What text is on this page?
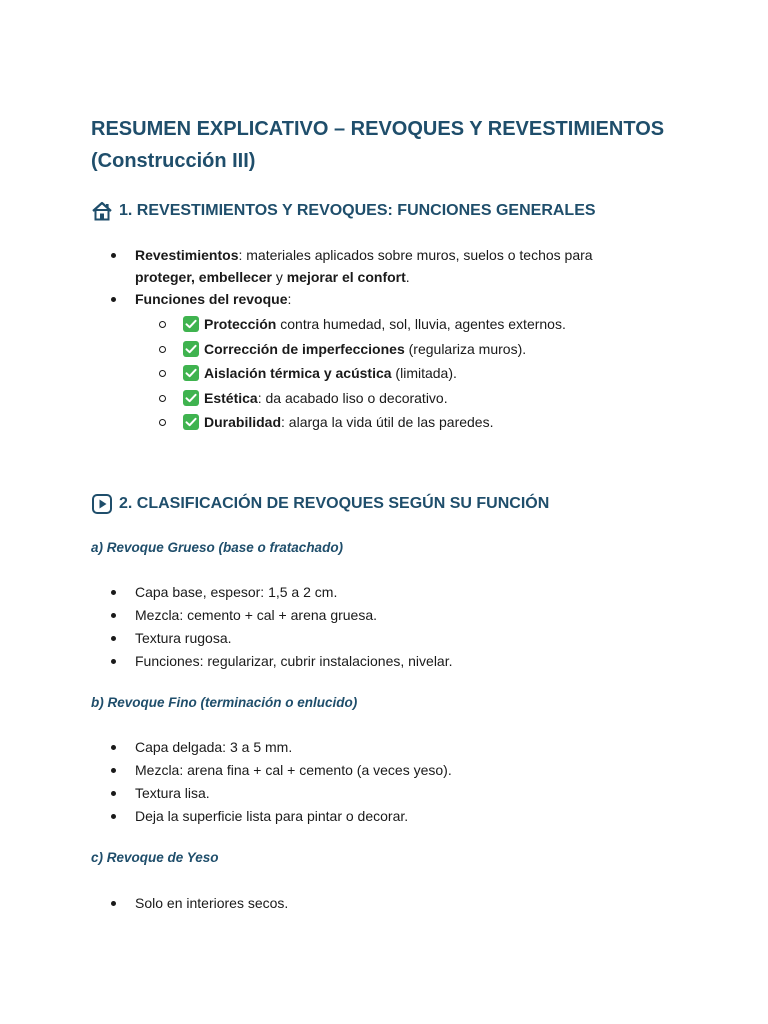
RESUMEN EXPLICATIVO – REVOQUES Y REVESTIMIENTOS
(Construcción III)
1. REVESTIMIENTOS Y REVOQUES: FUNCIONES GENERALES
Revestimientos: materiales aplicados sobre muros, suelos o techos para proteger, embellecer y mejorar el confort.
Funciones del revoque:
Protección contra humedad, sol, lluvia, agentes externos.
Corrección de imperfecciones (regulariza muros).
Aislación térmica y acústica (limitada).
Estética: da acabado liso o decorativo.
Durabilidad: alarga la vida útil de las paredes.
2. CLASIFICACIÓN DE REVOQUES SEGÚN SU FUNCIÓN
a) Revoque Grueso (base o fratachado)
Capa base, espesor: 1,5 a 2 cm.
Mezcla: cemento + cal + arena gruesa.
Textura rugosa.
Funciones: regularizar, cubrir instalaciones, nivelar.
b) Revoque Fino (terminación o enlucido)
Capa delgada: 3 a 5 mm.
Mezcla: arena fina + cal + cemento (a veces yeso).
Textura lisa.
Deja la superficie lista para pintar o decorar.
c) Revoque de Yeso
Solo en interiores secos.
